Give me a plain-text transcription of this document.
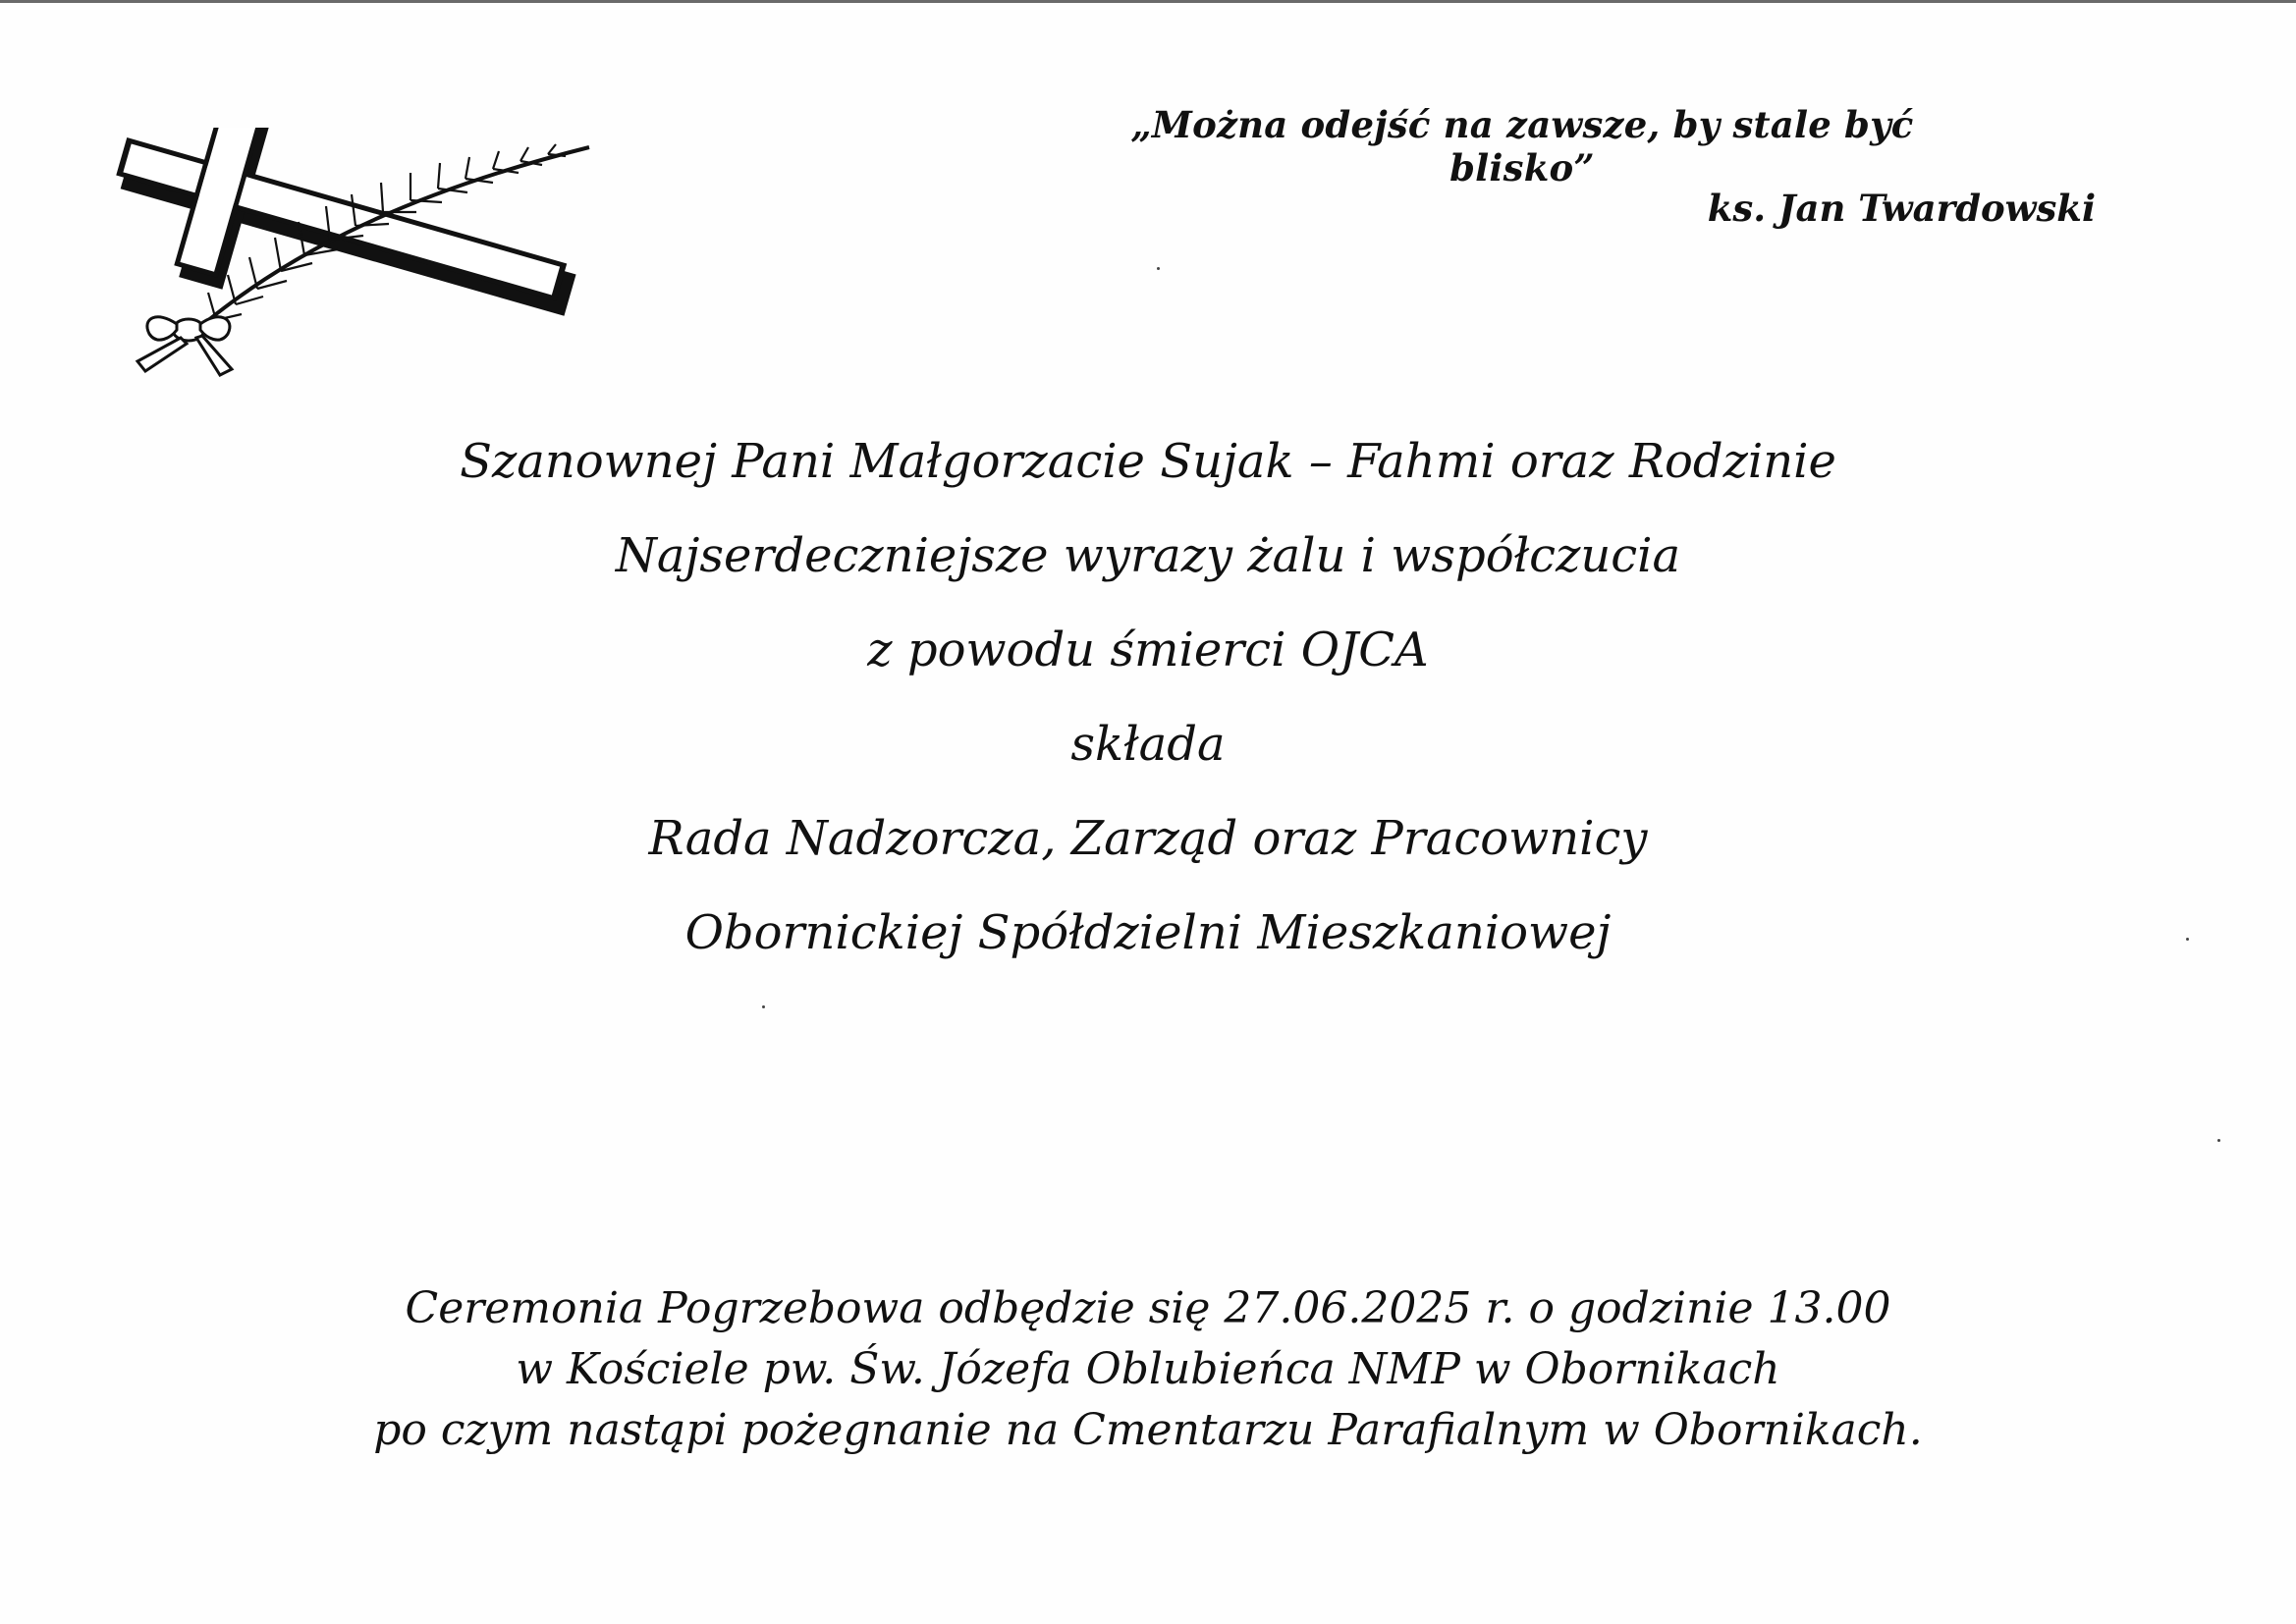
„Można odejść na zawsze, by stale być blisko”
ks. Jan Twardowski
Szanownej Pani Małgorzacie Sujak – Fahmi oraz Rodzinie
Najserdeczniejsze wyrazy żalu i współczucia
z powodu śmierci OJCA
składa
Rada Nadzorcza, Zarząd oraz Pracownicy
Obornickiej Spółdzielni Mieszkaniowej
Ceremonia Pogrzebowa odbędzie się 27.06.2025 r. o godzinie 13.00
w Kościele pw. Św. Józefa Oblubieńca NMP w Obornikach
po czym nastąpi pożegnanie na Cmentarzu Parafialnym w Obornikach.
